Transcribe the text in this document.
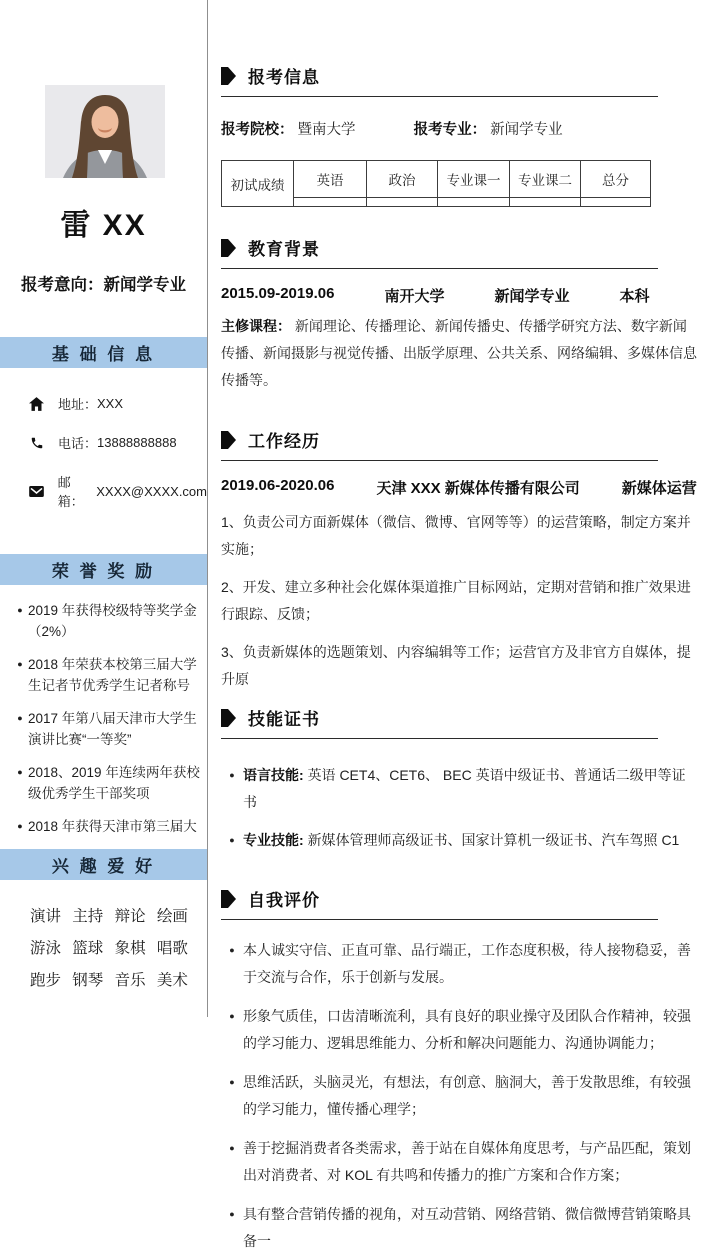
雷 XX
报考意向：新闻学专业
基 础 信 息
地址： XXX
电话： 13888888888
邮箱：
XXXX@XXXX.com
荣 誉 奖 励
● 2019 年获得校级特等奖学金（2%）
● 2018 年荣获本校第三届大学生记者节优秀学生记者称号
● 2017 年第八届天津市大学生演讲比赛“一等奖”
● 2018、2019 年连续两年获校级优秀学生干部奖项
● 2018 年获得天津市第三届大
兴 趣 爱 好
演讲 主持 辩论 绘画
游泳 篮球 象棋 唱歌
跑步 钢琴 音乐 美术
报考信息
报考院校： 暨南大学	报考专业： 新闻学专业
初试成绩	英语	政治	专业课一	专业课二	总分

教育背景
2015.09-2019.06	南开大学	新闻学专业	本科

主修课程： 新闻理论、传播理论、新闻传播史、传播学研究方法、数字新闻传播、新闻摄影与视觉传播、出版学原理、公共关系、网络编辑、多媒体信息传播等。

工作经历
2019.06-2020.06	天津 XXX 新媒体传播有限公司	新媒体运营

1、负责公司方面新媒体（微信、微博、官网等等）的运营策略，制定方案并实施；

2、开发、建立多种社会化媒体渠道推广目标网站，定期对营销和推广效果进行跟踪、反馈；

3、负责新媒体的选题策划、内容编辑等工作；运营官方及非官方自媒体，提升原

技能证书
● 语言技能: 英语 CET4、CET6、 BEC 英语中级证书、普通话二级甲等证书
● 专业技能: 新媒体管理师高级证书、国家计算机一级证书、汽车驾照 C1
自我评价
● 本人诚实守信、正直可靠、品行端正，工作态度积极，待人接物稳妥，善于交流与合作，乐于创新与发展。
● 形象气质佳，口齿清晰流利，具有良好的职业操守及团队合作精神，较强的学习能力、逻辑思维能力、分析和解决问题能力、沟通协调能力；
● 思维活跃，头脑灵光，有想法，有创意、脑洞大，善于发散思维，有较强的学习能力，懂传播心理学；
● 善于挖掘消费者各类需求，善于站在自媒体角度思考，与产品匹配，策划出对消费者、对 KOL 有共鸣和传播力的推广方案和合作方案；
● 具有整合营销传播的视角，对互动营销、网络营销、微信微博营销策略具备一
